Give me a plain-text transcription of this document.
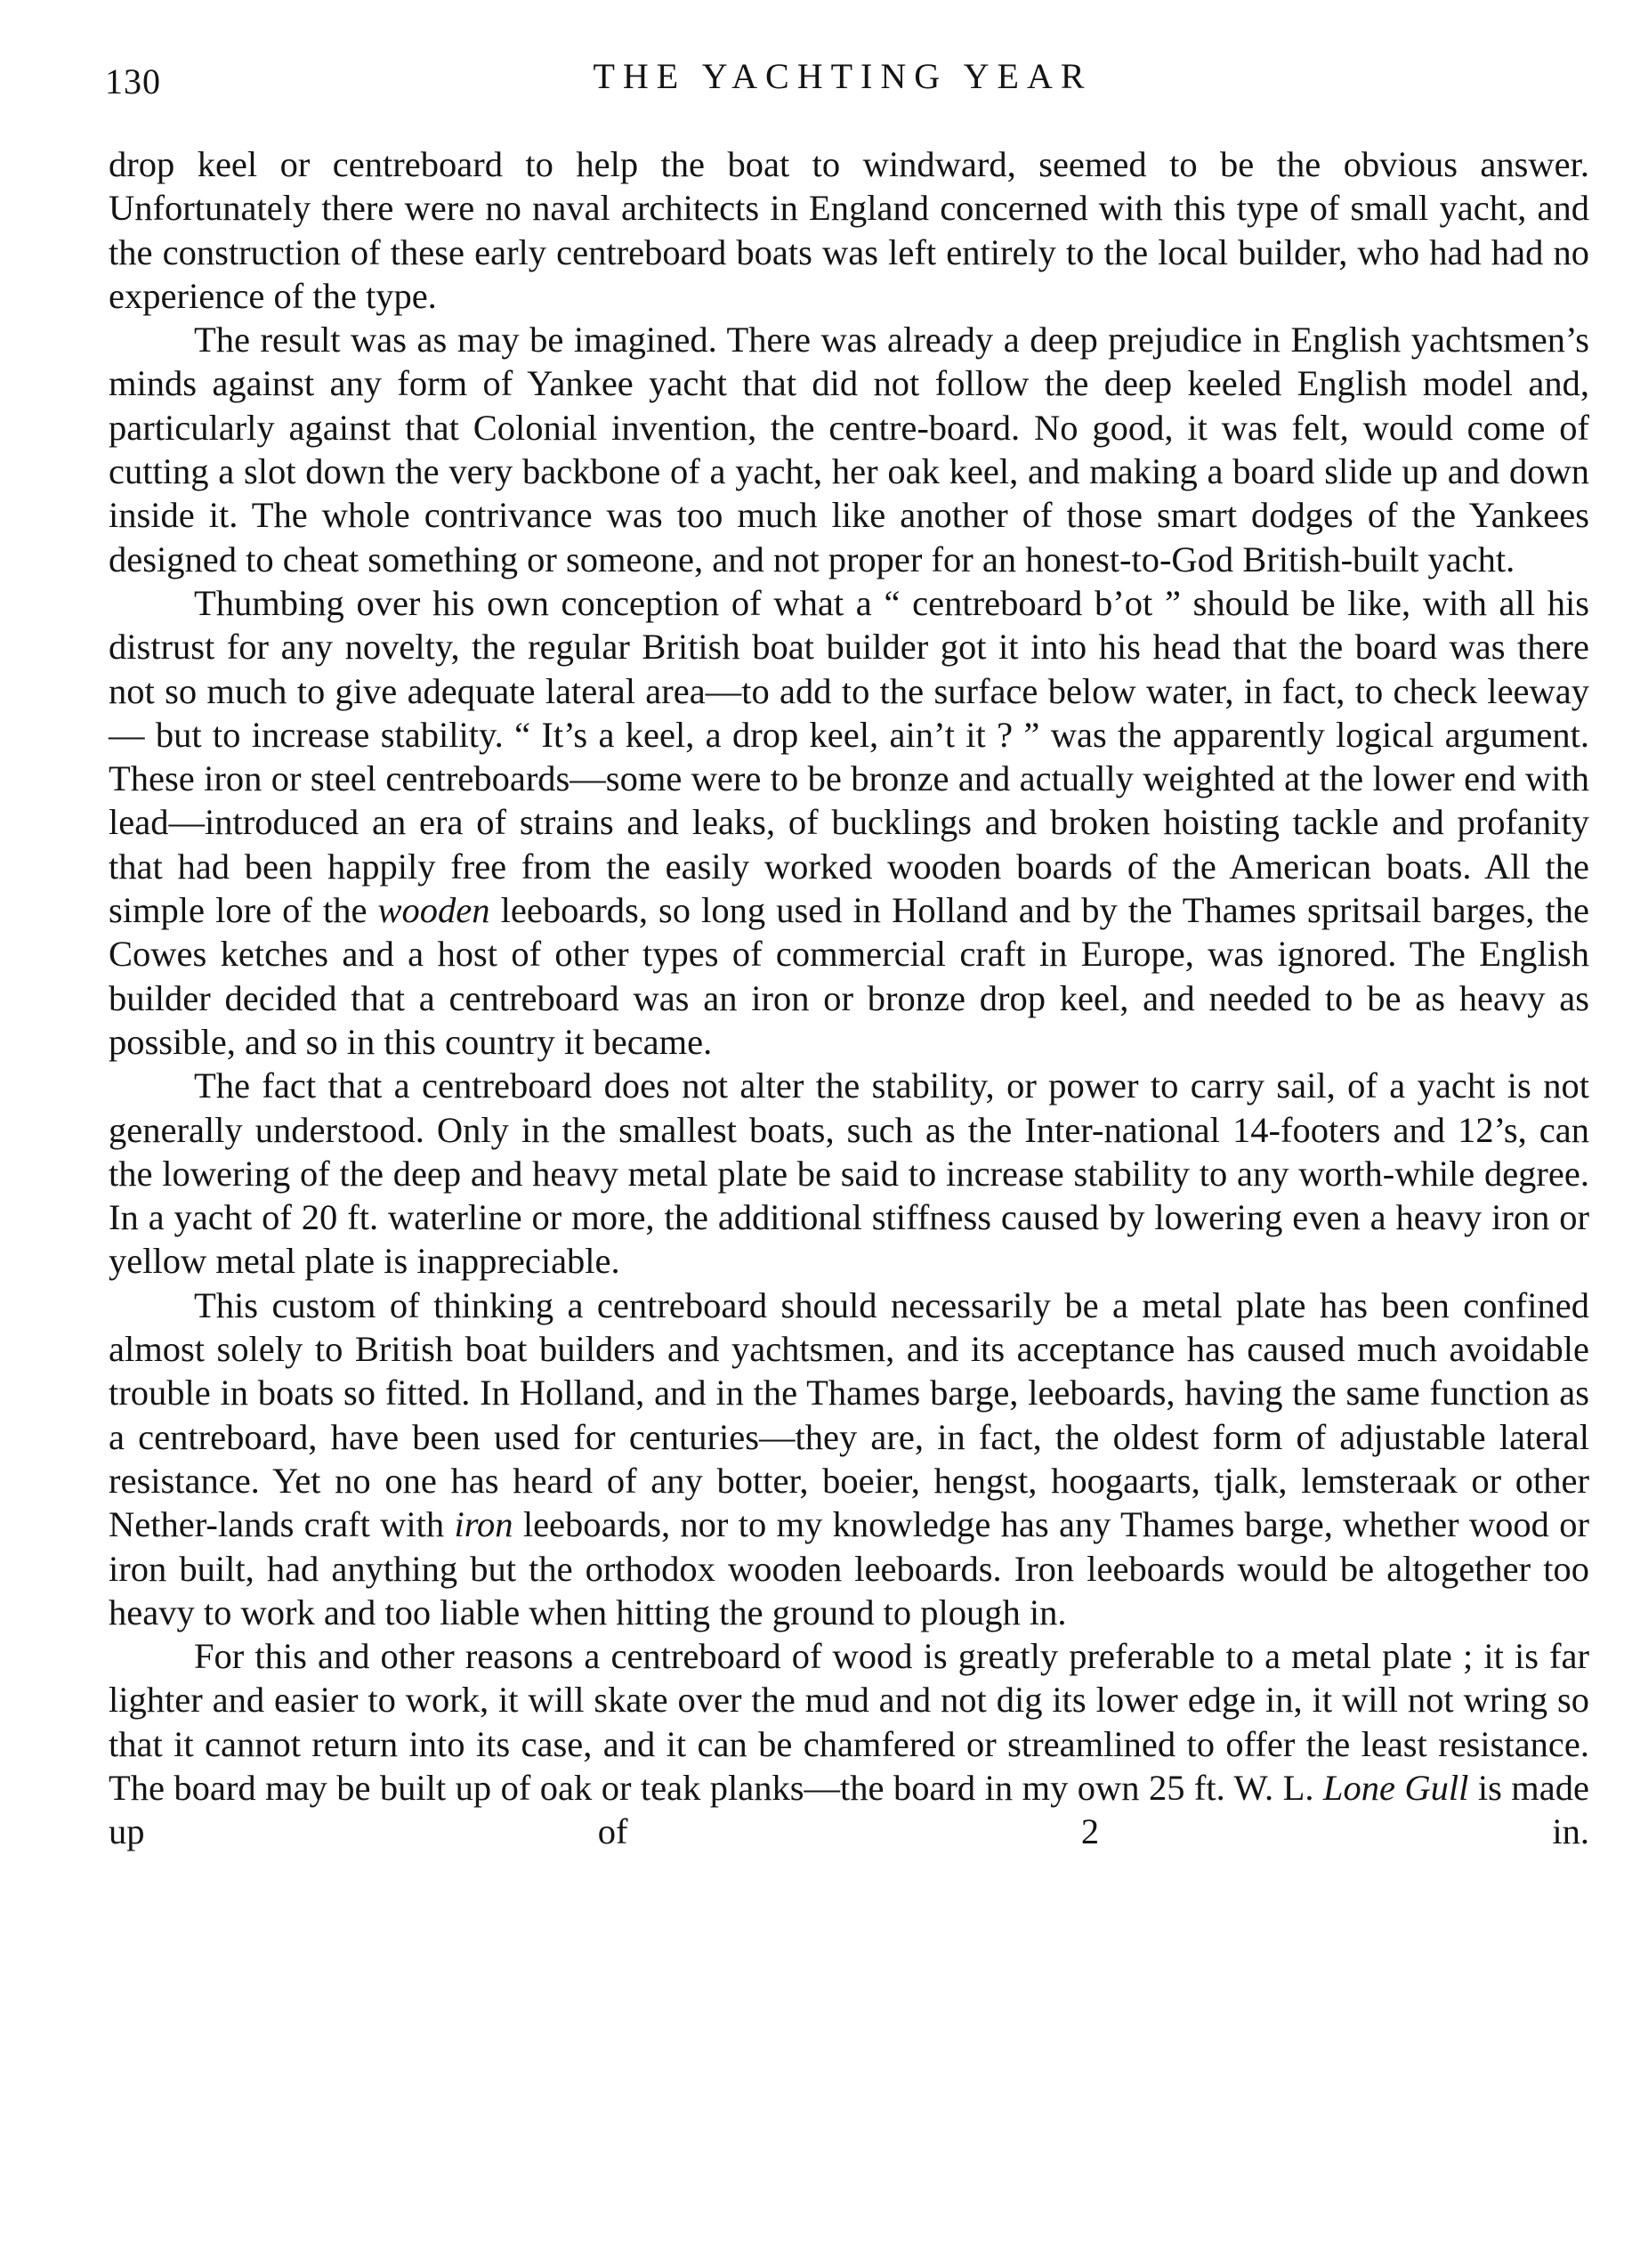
130	THE YACHTING YEAR

drop keel or centreboard to help the boat to windward, seemed to be the obvious answer. Unfortunately there were no naval architects in England concerned with this type of small yacht, and the construction of these early centreboard boats was left entirely to the local builder, who had had no experience of the type.

The result was as may be imagined. There was already a deep prejudice in English yachtsmen’s minds against any form of Yankee yacht that did not follow the deep keeled English model and, particularly against that Colonial invention, the centre-board. No good, it was felt, would come of cutting a slot down the very backbone of a yacht, her oak keel, and making a board slide up and down inside it. The whole contrivance was too much like another of those smart dodges of the Yankees designed to cheat something or someone, and not proper for an honest-to-God British-built yacht.

Thumbing over his own conception of what a “ centreboard b’ot ” should be like, with all his distrust for any novelty, the regular British boat builder got it into his head that the board was there not so much to give adequate lateral area—to add to the surface below water, in fact, to check leeway— but to increase stability. “ It’s a keel, a drop keel, ain’t it ? ” was the apparently logical argument. These iron or steel centreboards—some were to be bronze and actually weighted at the lower end with lead—introduced an era of strains and leaks, of bucklings and broken hoisting tackle and profanity that had been happily free from the easily worked wooden boards of the American boats. All the simple lore of the wooden leeboards, so long used in Holland and by the Thames spritsail barges, the Cowes ketches and a host of other types of commercial craft in Europe, was ignored. The English builder decided that a centreboard was an iron or bronze drop keel, and needed to be as heavy as possible, and so in this country it became.

The fact that a centreboard does not alter the stability, or power to carry sail, of a yacht is not generally understood. Only in the smallest boats, such as the Inter-national 14-footers and 12’s, can the lowering of the deep and heavy metal plate be said to increase stability to any worth-while degree. In a yacht of 20 ft. waterline or more, the additional stiffness caused by lowering even a heavy iron or yellow metal plate is inappreciable.

This custom of thinking a centreboard should necessarily be a metal plate has been confined almost solely to British boat builders and yachtsmen, and its acceptance has caused much avoidable trouble in boats so fitted. In Holland, and in the Thames barge, leeboards, having the same function as a centreboard, have been used for centuries—they are, in fact, the oldest form of adjustable lateral resistance. Yet no one has heard of any botter, boeier, hengst, hoogaarts, tjalk, lemsteraak or other Nether-lands craft with iron leeboards, nor to my knowledge has any Thames barge, whether wood or iron built, had anything but the orthodox wooden leeboards. Iron leeboards would be altogether too heavy to work and too liable when hitting the ground to plough in.

For this and other reasons a centreboard of wood is greatly preferable to a metal plate ; it is far lighter and easier to work, it will skate over the mud and not dig its lower edge in, it will not wring so that it cannot return into its case, and it can be chamfered or streamlined to offer the least resistance. The board may be built up of oak or teak planks—the board in my own 25 ft. W. L. Lone Gull is made up of 2 in.
